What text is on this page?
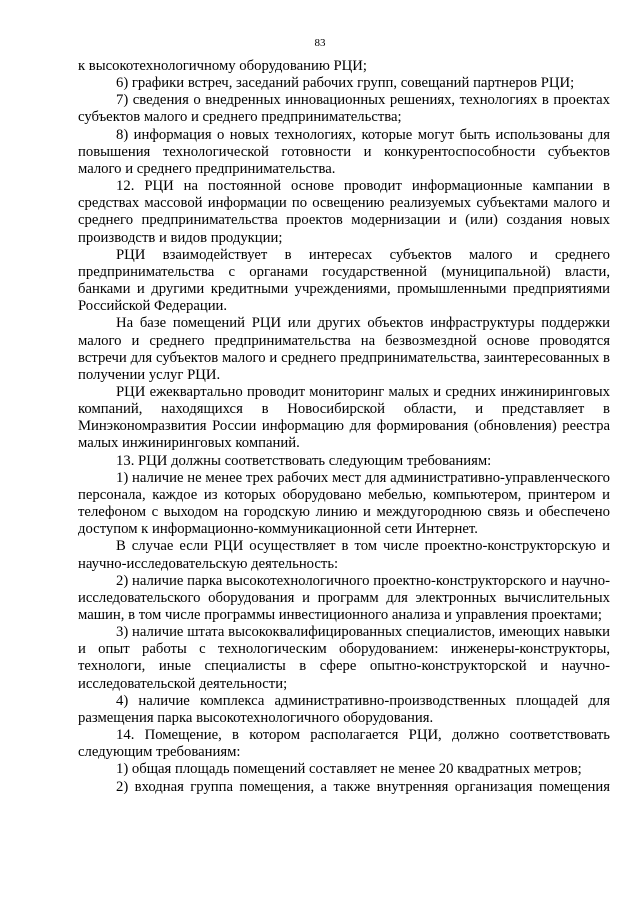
83

к высокотехнологичному оборудованию РЦИ;

6) графики встреч, заседаний рабочих групп, совещаний партнеров РЦИ;

7) сведения о внедренных инновационных решениях, технологиях в проектах субъектов малого и среднего предпринимательства;

8) информация о новых технологиях, которые могут быть использованы для повышения технологической готовности и конкурентоспособности субъектов малого и среднего предпринимательства.

12. РЦИ на постоянной основе проводит информационные кампании в средствах массовой информации по освещению реализуемых субъектами малого и среднего предпринимательства проектов модернизации и (или) создания новых производств и видов продукции;

РЦИ взаимодействует в интересах субъектов малого и среднего предпринимательства с органами государственной (муниципальной) власти, банками и другими кредитными учреждениями, промышленными предприятиями Российской Федерации.

На базе помещений РЦИ или других объектов инфраструктуры поддержки малого и среднего предпринимательства на безвозмездной основе проводятся встречи для субъектов малого и среднего предпринимательства, заинтересованных в получении услуг РЦИ.

РЦИ ежеквартально проводит мониторинг малых и средних инжиниринговых компаний, находящихся в Новосибирской области, и представляет в Минэкономразвития России информацию для формирования (обновления) реестра малых инжиниринговых компаний.

13. РЦИ должны соответствовать следующим требованиям:

1) наличие не менее трех рабочих мест для административно-управленческого персонала, каждое из которых оборудовано мебелью, компьютером, принтером и телефоном с выходом на городскую линию и междугороднюю связь и обеспечено доступом к информационно-коммуникационной сети Интернет.

В случае если РЦИ осуществляет в том числе проектно-конструкторскую и научно-исследовательскую деятельность:

2) наличие парка высокотехнологичного проектно-конструкторского и научно-исследовательского оборудования и программ для электронных вычислительных машин, в том числе программы инвестиционного анализа и управления проектами;

3) наличие штата высококвалифицированных специалистов, имеющих навыки и опыт работы с технологическим оборудованием: инженеры-конструкторы, технологи, иные специалисты в сфере опытно-конструкторской и научно-исследовательской деятельности;

4) наличие комплекса административно-производственных площадей для размещения парка высокотехнологичного оборудования.

14. Помещение, в котором располагается РЦИ, должно соответствовать следующим требованиям:

1) общая площадь помещений составляет не менее 20 квадратных метров;

2) входная группа помещения, а также внутренняя организация помещения
